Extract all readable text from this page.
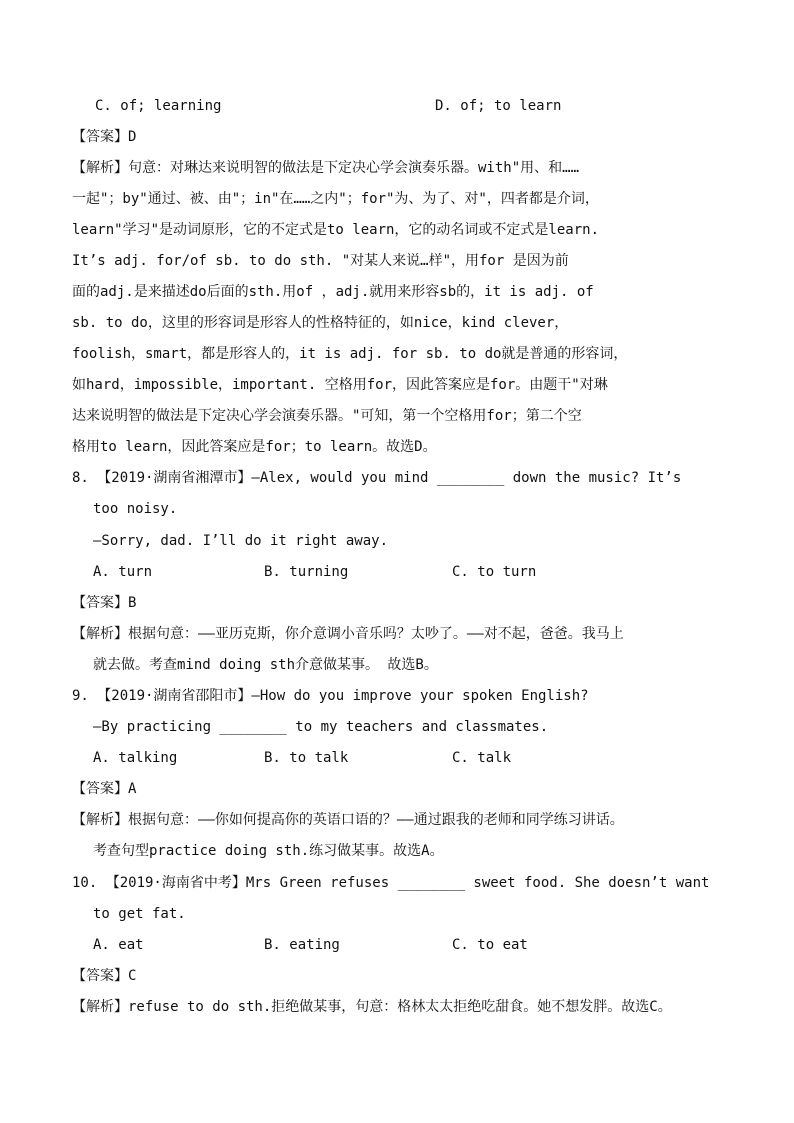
C. of; learning	D. of; to learn
【答案】D
【解析】句意：对琳达来说明智的做法是下定决心学会演奏乐器。with"用、和……
一起"；by"通过、被、由"；in"在……之内"；for"为、为了、对"，四者都是介词，
learn"学习"是动词原形，它的不定式是to learn，它的动名词或不定式是learn.
It’s adj. for/of sb. to do sth. "对某人来说…样"，用for 是因为前
面的adj.是来描述do后面的sth.用of ，adj.就用来形容sb的，it is adj. of
sb. to do，这里的形容词是形容人的性格特征的，如nice，kind clever，
foolish，smart，都是形容人的，it is adj. for sb. to do就是普通的形容词，
如hard，impossible，important. 空格用for，因此答案应是for。由题干"对琳
达来说明智的做法是下定决心学会演奏乐器。"可知，第一个空格用for；第二个空
格用to learn，因此答案应是for；to learn。故选D。
8. 【2019·湖南省湘潭市】—Alex, would you mind ________ down the music? It’s
too noisy.
—Sorry, dad. I’ll do it right away.
A. turn	B. turning	C. to turn
【答案】B
【解析】根据句意：——亚历克斯，你介意调小音乐吗？太吵了。——对不起，爸爸。我马上
就去做。考查mind doing sth介意做某事。 故选B。
9. 【2019·湖南省邵阳市】—How do you improve your spoken English?
—By practicing ________ to my teachers and classmates.
A. talking	B. to talk	C. talk
【答案】A
【解析】根据句意：——你如何提高你的英语口语的？——通过跟我的老师和同学练习讲话。
考查句型practice doing sth.练习做某事。故选A。
10. 【2019·海南省中考】Mrs Green refuses ________ sweet food. She doesn’t want
to get fat.
A. eat	B. eating	C. to eat
【答案】C
【解析】refuse to do sth.拒绝做某事，句意：格林太太拒绝吃甜食。她不想发胖。故选C。
